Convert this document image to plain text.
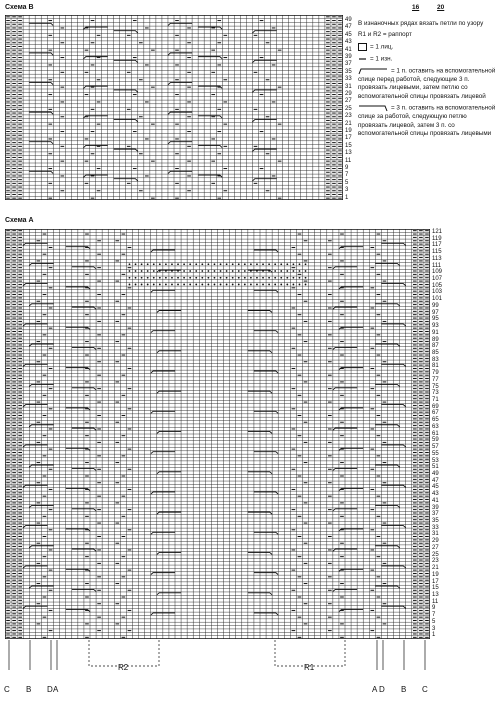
Схема В
49
47
45
43
41
39
37
35
33
31
29
27
25
23
21
19
17
15
13
11
9
7
5
3
1
16	20

В изнаночных рядах вязать петли по узору

R1 и R2 = раппорт

= 1 лиц.

= 1 изн.

= 1 п. оставить на вспомогательной спице перед работой, следующие 3 п. провязать лицевыми, затем петлю со вспомогательной спицы провязать лицевой

= 3 п. оставить на вспомогательной спице за работой, следующую петлю провязать лицевой, затем 3 п. со вспомогательной спицы провязать лицевыми

Схема А
121
119
117
115
113
111
109
107
105
103
101
99
97
95
93
91
89
87
85
83
81
79
77
75
73
71
69
67
65
63
61
59
57
55
53
51
49
47
45
43
41
39
37
35
33
31
29
27
25
23
21
19
17
15
13
11
9
7
5
3
1
C B D A
R2	R1
A D B C
